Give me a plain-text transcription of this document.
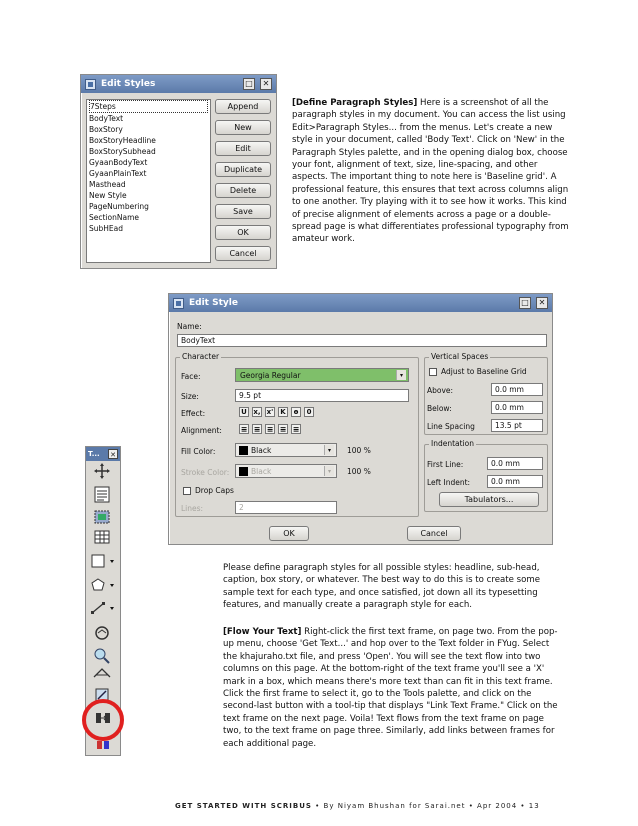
Edit Styles	□	✕
7Steps
BodyText
BoxStory
BoxStoryHeadline
BoxStorySubhead
GyaanBodyText
GyaanPlainText
Masthead
New Style
PageNumbering
SectionName
SubHEad
Append
New
Edit
Duplicate
Delete
Save
OK
Cancel
[Define Paragraph Styles] Here is a screenshot of all the paragraph styles in my document. You can access the list using Edit>Paragraph Styles... from the menus. Let's create a new style in your document, called 'Body Text'. Click on 'New' in the Paragraph Styles palette, and in the opening dialog box, choose your font, alignment of text, size, line-spacing, and other aspects. The important thing to note here is 'Baseline grid'. A professional feature, this ensures that text across columns align to one another. Try playing with it to see how it works. This kind of precise alignment of elements across a page or a double-spread page is what differentiates professional typography from amateur work.
Edit Style	□	✕
Name:
BodyText
Character
Face:	Georgia Regular	▾
Size:	9.5 pt
Effect:	U x, x' K	ɵ	0
Alignment: ≡ ≡ ≡ ≡ ≡
Fill Color:	Black	▾	100 %
Stroke Color:	Black	▾	100 %
Drop Caps
Lines:	2
Vertical Spaces
Adjust to Baseline Grid
Above:	0.0 mm
Below:	0.0 mm
Line Spacing	13.5 pt
Indentation
First Line:	0.0 mm
Left Indent:	0.0 mm
Tabulators...
OK	Cancel
T... ✕
Please define paragraph styles for all possible styles: headline, sub-head, caption, box story, or whatever. The best way to do this is to create some sample text for each type, and once satisfied, jot down all its typesetting features, and manually create a paragraph style for each.
[Flow Your Text] Right-click the first text frame, on page two. From the pop-up menu, choose 'Get Text...' and hop over to the Text folder in FYug. Select the khajuraho.txt file, and press 'Open'. You will see the text flow into two columns on this page. At the bottom-right of the text frame you'll see a 'X' mark in a box, which means there's more text than can fit in this text frame. Click the first frame to select it, go to the Tools palette, and click on the second-last button with a tool-tip that displays "Link Text Frame." Click on the text frame on the next page. Voila! Text flows from the text frame on page two, to the text frame on page three. Similarly, add links between frames for each additional page.
GET STARTED WITH SCRIBUS • By Niyam Bhushan for Sarai.net • Apr 2004 • 13
